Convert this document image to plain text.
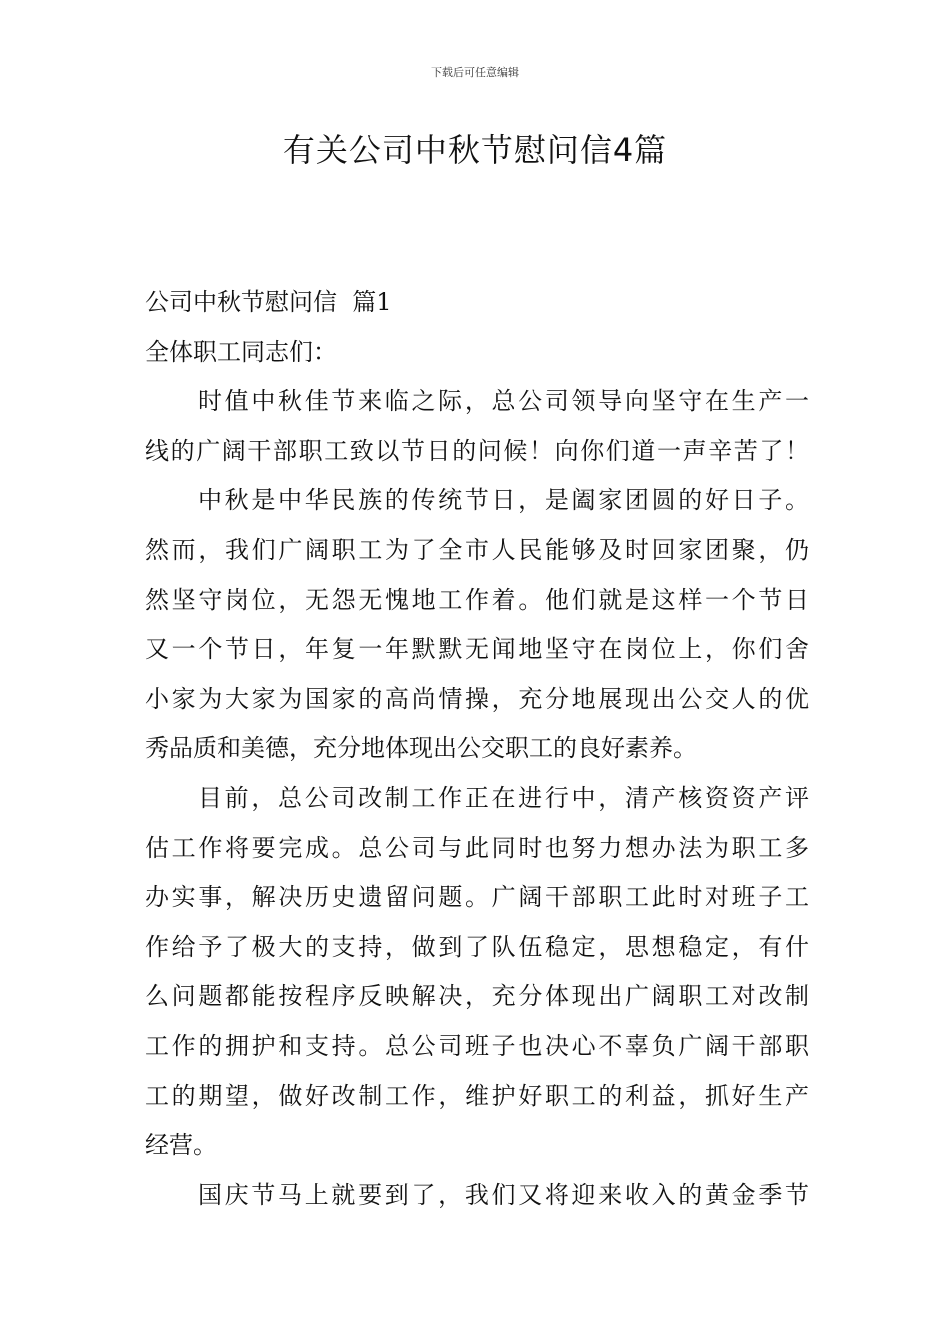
下载后可任意编辑
有关公司中秋节慰问信4篇
公司中秋节慰问信  篇1
全体职工同志们：
时值中秋佳节来临之际，总公司领导向坚守在生产一
线的广阔干部职工致以节日的问候！向你们道一声辛苦了！
中秋是中华民族的传统节日，是阖家团圆的好日子。
然而，我们广阔职工为了全市人民能够及时回家团聚，仍
然坚守岗位，无怨无愧地工作着。他们就是这样一个节日
又一个节日，年复一年默默无闻地坚守在岗位上，你们舍
小家为大家为国家的高尚情操，充分地展现出公交人的优
秀品质和美德，充分地体现出公交职工的良好素养。
目前，总公司改制工作正在进行中，清产核资资产评
估工作将要完成。总公司与此同时也努力想办法为职工多
办实事，解决历史遗留问题。广阔干部职工此时对班子工
作给予了极大的支持，做到了队伍稳定，思想稳定，有什
么问题都能按程序反映解决，充分体现出广阔职工对改制
工作的拥护和支持。总公司班子也决心不辜负广阔干部职
工的期望，做好改制工作，维护好职工的利益，抓好生产
经营。
国庆节马上就要到了，我们又将迎来收入的黄金季节
